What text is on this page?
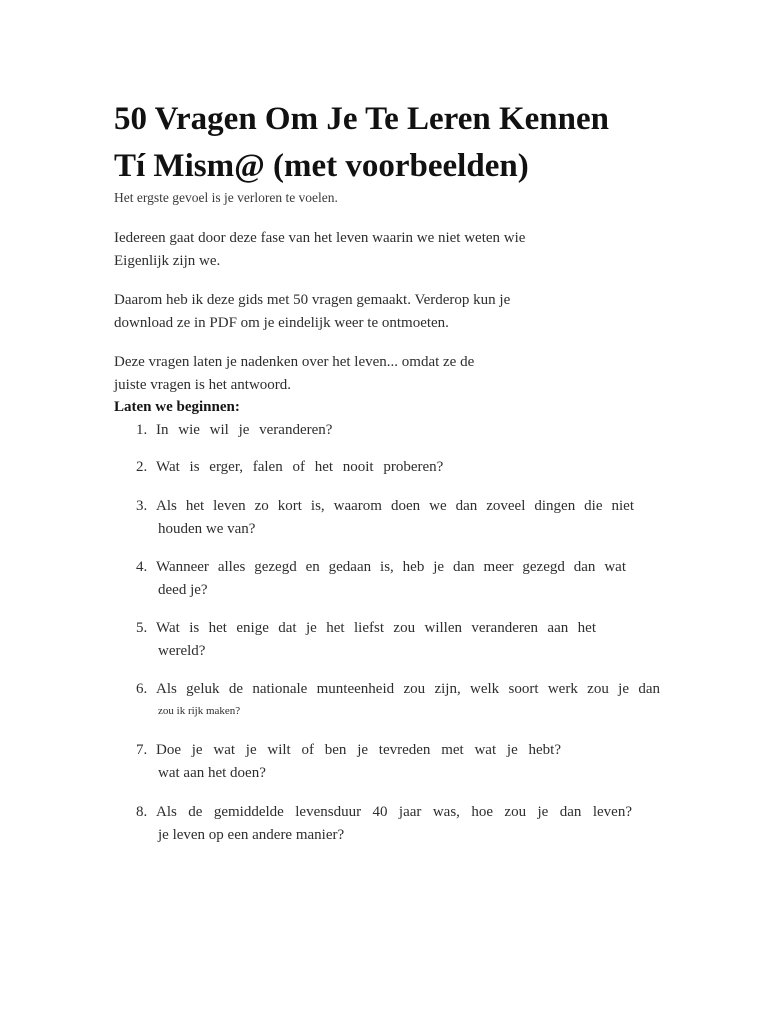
50 Vragen Om Je Te Leren Kennen
Tí Mism@ (met voorbeelden)

Het ergste gevoel is je verloren te voelen.

Iedereen gaat door deze fase van het leven waarin we niet weten wie
Eigenlijk zijn we.

Daarom heb ik deze gids met 50 vragen gemaakt. Verderop kun je
download ze in PDF om je eindelijk weer te ontmoeten.

Deze vragen laten je nadenken over het leven... omdat ze de
juiste vragen is het antwoord.

Laten we beginnen:

1. In wie wil je veranderen?
2. Wat is erger, falen of het nooit proberen?
3. Als het leven zo kort is, waarom doen we dan zoveel dingen die niet
houden we van?
4. Wanneer alles gezegd en gedaan is, heb je dan meer gezegd dan wat
deed je?
5. Wat is het enige dat je het liefst zou willen veranderen aan het
wereld?
6. Als geluk de nationale munteenheid zou zijn, welk soort werk zou je dan
zou ik rijk maken?
7. Doe je wat je wilt of ben je tevreden met wat je hebt?
wat aan het doen?
8. Als de gemiddelde levensduur 40 jaar was, hoe zou je dan leven?
je leven op een andere manier?
